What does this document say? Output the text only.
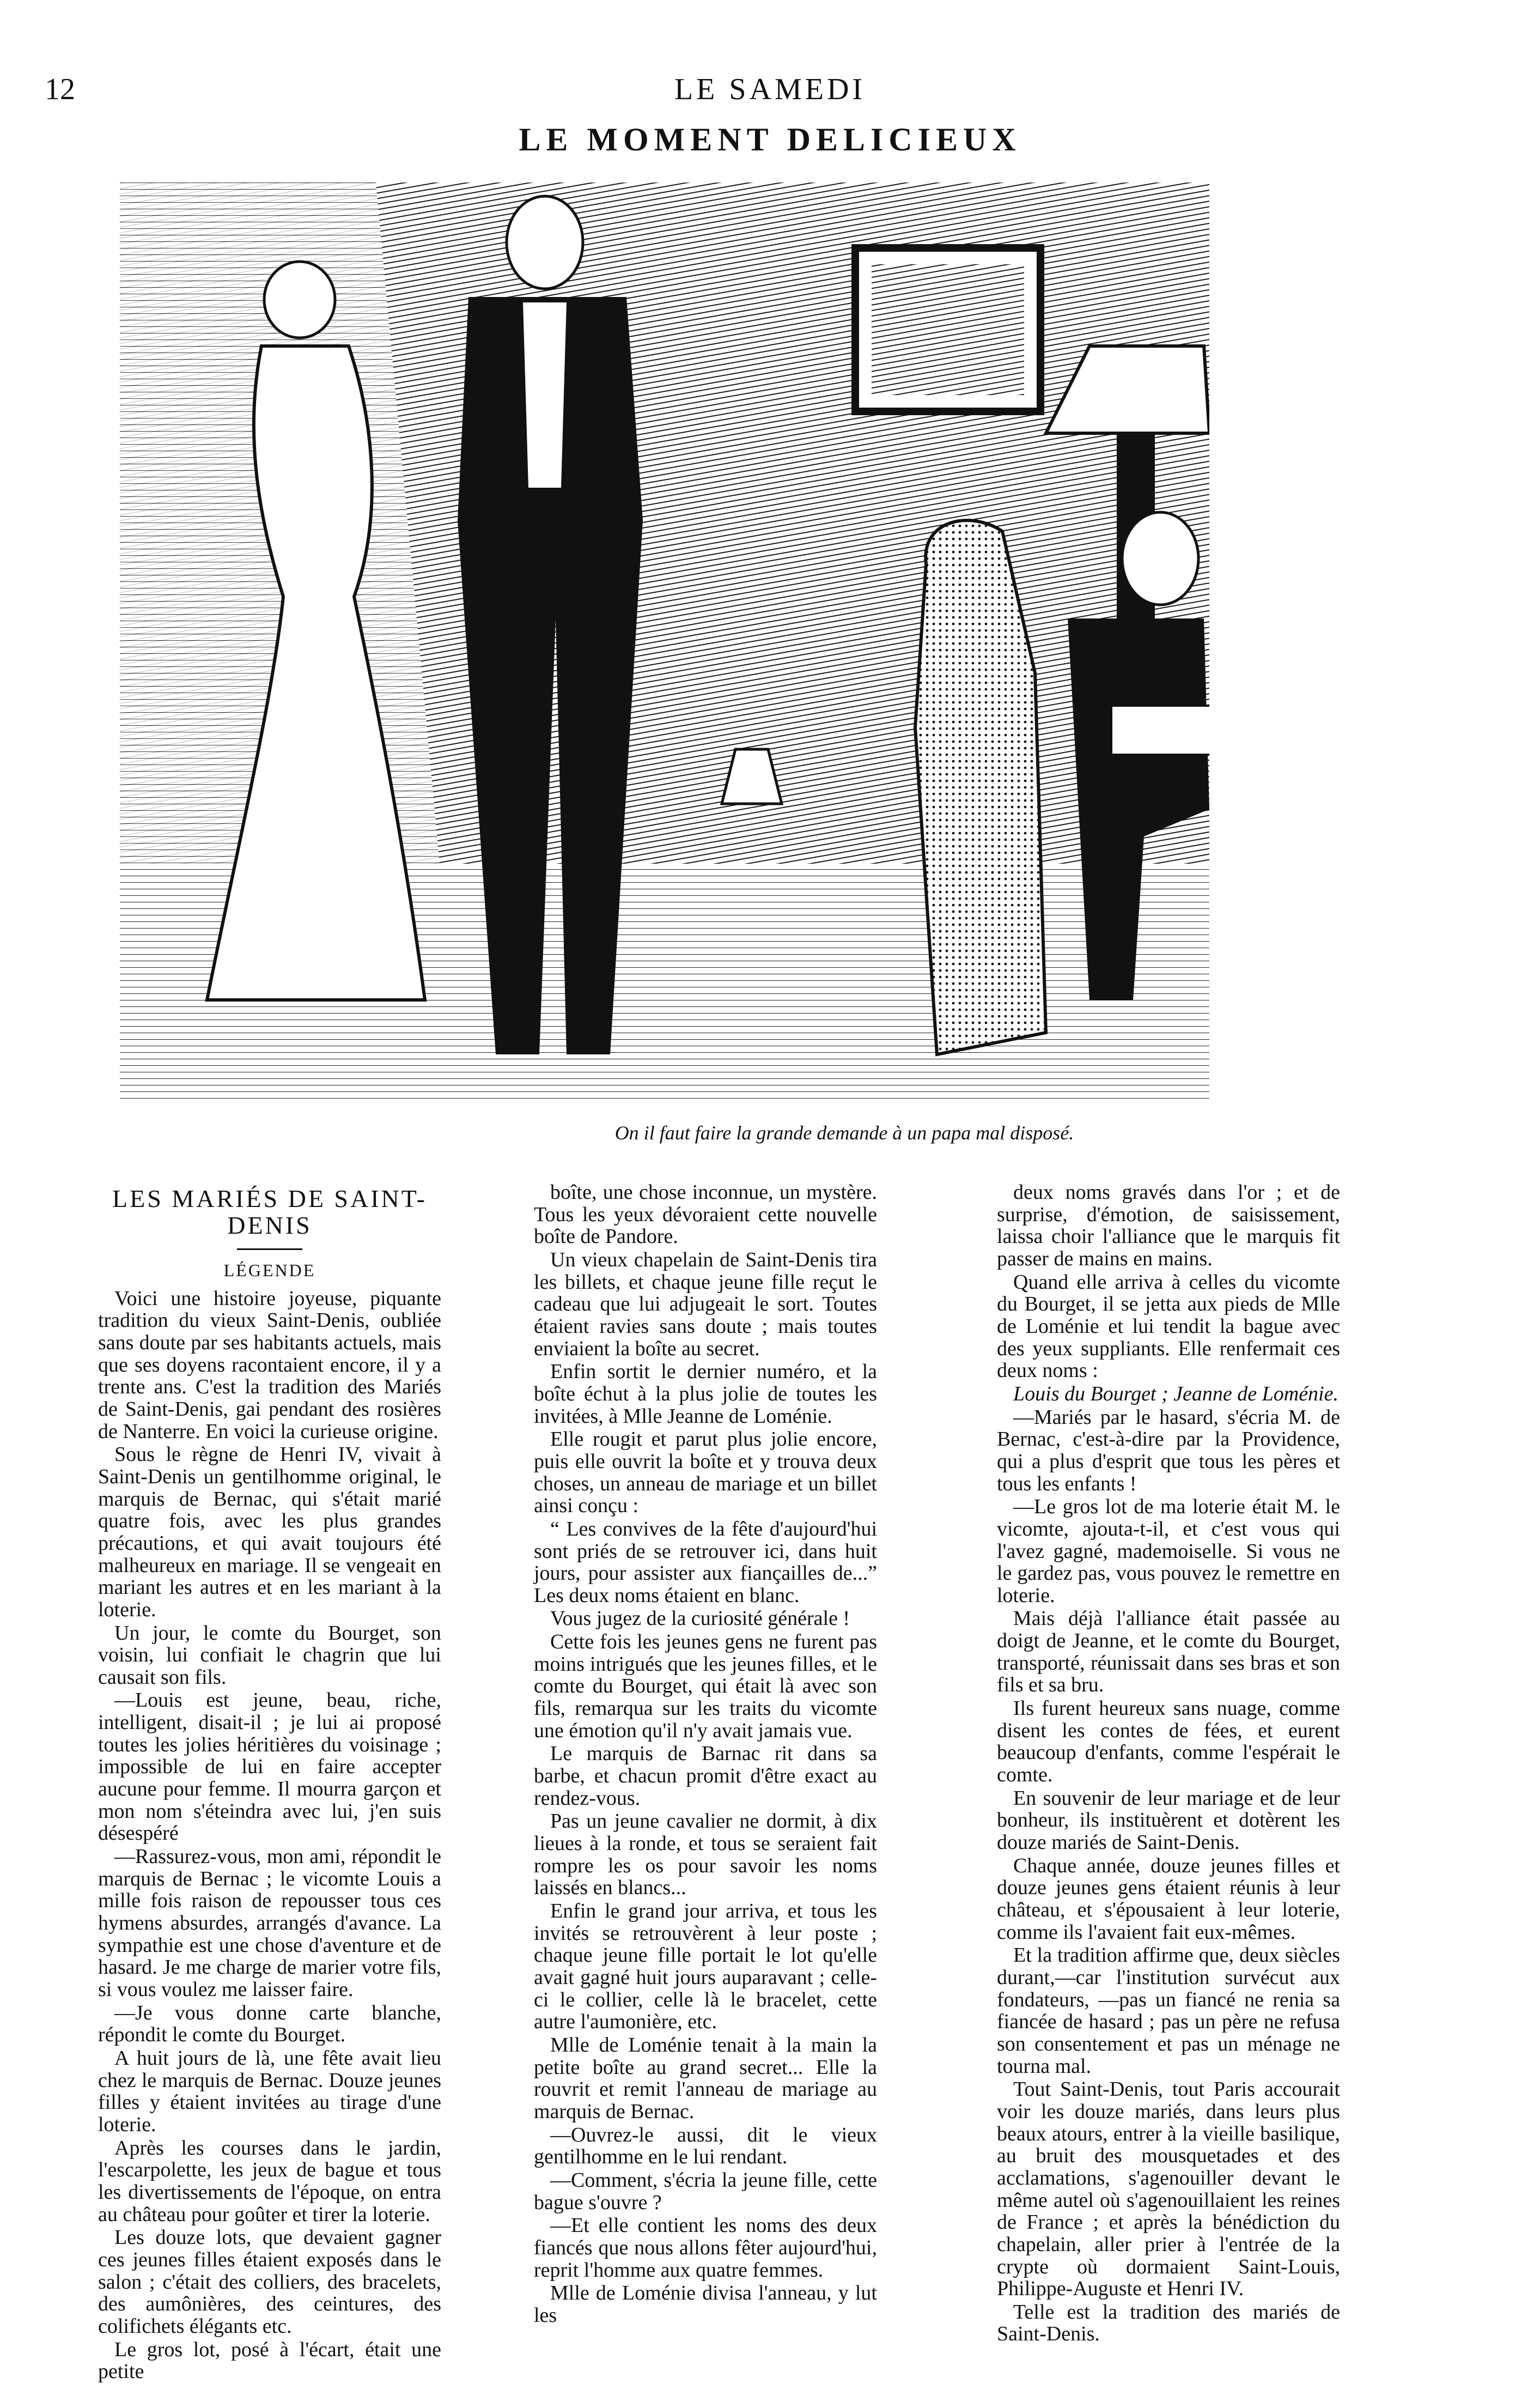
12	LE SAMEDI
LE MOMENT DELICIEUX
On il faut faire la grande demande à un papa mal disposé.
LES MARIÉS DE SAINT-DENIS
LÉGENDE

Voici une histoire joyeuse, piquante tradition du vieux Saint-Denis, oubliée sans doute par ses habitants actuels, mais que ses doyens racontaient encore, il y a trente ans. C'est la tradition des Mariés de Saint-Denis, gai pendant des rosières de Nanterre. En voici la curieuse origine.

Sous le règne de Henri IV, vivait à Saint-Denis un gentilhomme original, le marquis de Bernac, qui s'était marié quatre fois, avec les plus grandes précautions, et qui avait toujours été malheureux en mariage. Il se vengeait en mariant les autres et en les mariant à la loterie.

Un jour, le comte du Bourget, son voisin, lui confiait le chagrin que lui causait son fils.

—Louis est jeune, beau, riche, intelligent, disait-il ; je lui ai proposé toutes les jolies héritières du voisinage ; impossible de lui en faire accepter aucune pour femme. Il mourra garçon et mon nom s'éteindra avec lui, j'en suis désespéré

—Rassurez-vous, mon ami, répondit le marquis de Bernac ; le vicomte Louis a mille fois raison de repousser tous ces hymens absurdes, arrangés d'avance. La sympathie est une chose d'aventure et de hasard. Je me charge de marier votre fils, si vous voulez me laisser faire.

—Je vous donne carte blanche, répondit le comte du Bourget.

A huit jours de là, une fête avait lieu chez le marquis de Bernac. Douze jeunes filles y étaient invitées au tirage d'une loterie.

Après les courses dans le jardin, l'escarpolette, les jeux de bague et tous les divertissements de l'époque, on entra au château pour goûter et tirer la loterie.

Les douze lots, que devaient gagner ces jeunes filles étaient exposés dans le salon ; c'était des colliers, des bracelets, des aumônières, des ceintures, des colifichets élégants etc.

Le gros lot, posé à l'écart, était une petite

boîte, une chose inconnue, un mystère. Tous les yeux dévoraient cette nouvelle boîte de Pandore.

Un vieux chapelain de Saint-Denis tira les billets, et chaque jeune fille reçut le cadeau que lui adjugeait le sort. Toutes étaient ravies sans doute ; mais toutes enviaient la boîte au secret.

Enfin sortit le dernier numéro, et la boîte échut à la plus jolie de toutes les invitées, à Mlle Jeanne de Loménie.

Elle rougit et parut plus jolie encore, puis elle ouvrit la boîte et y trouva deux choses, un anneau de mariage et un billet ainsi conçu :

“ Les convives de la fête d'aujourd'hui sont priés de se retrouver ici, dans huit jours, pour assister aux fiançailles de...” Les deux noms étaient en blanc.

Vous jugez de la curiosité générale !

Cette fois les jeunes gens ne furent pas moins intrigués que les jeunes filles, et le comte du Bourget, qui était là avec son fils, remarqua sur les traits du vicomte une émotion qu'il n'y avait jamais vue.

Le marquis de Barnac rit dans sa barbe, et chacun promit d'être exact au rendez-vous.

Pas un jeune cavalier ne dormit, à dix lieues à la ronde, et tous se seraient fait rompre les os pour savoir les noms laissés en blancs...

Enfin le grand jour arriva, et tous les invités se retrouvèrent à leur poste ; chaque jeune fille portait le lot qu'elle avait gagné huit jours auparavant ; celle-ci le collier, celle là le bracelet, cette autre l'aumonière, etc.

Mlle de Loménie tenait à la main la petite boîte au grand secret... Elle la rouvrit et remit l'anneau de mariage au marquis de Bernac.

—Ouvrez-le aussi, dit le vieux gentilhomme en le lui rendant.

—Comment, s'écria la jeune fille, cette bague s'ouvre ?

—Et elle contient les noms des deux fiancés que nous allons fêter aujourd'hui, reprit l'homme aux quatre femmes.

Mlle de Loménie divisa l'anneau, y lut les

deux noms gravés dans l'or ; et de surprise, d'émotion, de saisissement, laissa choir l'alliance que le marquis fit passer de mains en mains.

Quand elle arriva à celles du vicomte du Bourget, il se jetta aux pieds de Mlle de Loménie et lui tendit la bague avec des yeux suppliants. Elle renfermait ces deux noms :

Louis du Bourget ; Jeanne de Loménie.

—Mariés par le hasard, s'écria M. de Bernac, c'est-à-dire par la Providence, qui a plus d'esprit que tous les pères et tous les enfants !

—Le gros lot de ma loterie était M. le vicomte, ajouta-t-il, et c'est vous qui l'avez gagné, mademoiselle. Si vous ne le gardez pas, vous pouvez le remettre en loterie.

Mais déjà l'alliance était passée au doigt de Jeanne, et le comte du Bourget, transporté, réunissait dans ses bras et son fils et sa bru.

Ils furent heureux sans nuage, comme disent les contes de fées, et eurent beaucoup d'enfants, comme l'espérait le comte.

En souvenir de leur mariage et de leur bonheur, ils instituèrent et dotèrent les douze mariés de Saint-Denis.

Chaque année, douze jeunes filles et douze jeunes gens étaient réunis à leur château, et s'épousaient à leur loterie, comme ils l'avaient fait eux-mêmes.

Et la tradition affirme que, deux siècles durant,—car l'institution survécut aux fondateurs, —pas un fiancé ne renia sa fiancée de hasard ; pas un père ne refusa son consentement et pas un ménage ne tourna mal.

Tout Saint-Denis, tout Paris accourait voir les douze mariés, dans leurs plus beaux atours, entrer à la vieille basilique, au bruit des mousquetades et des acclamations, s'agenouiller devant le même autel où s'agenouillaient les reines de France ; et après la bénédiction du chapelain, aller prier à l'entrée de la crypte où dormaient Saint-Louis, Philippe-Auguste et Henri IV.

Telle est la tradition des mariés de Saint-Denis.
